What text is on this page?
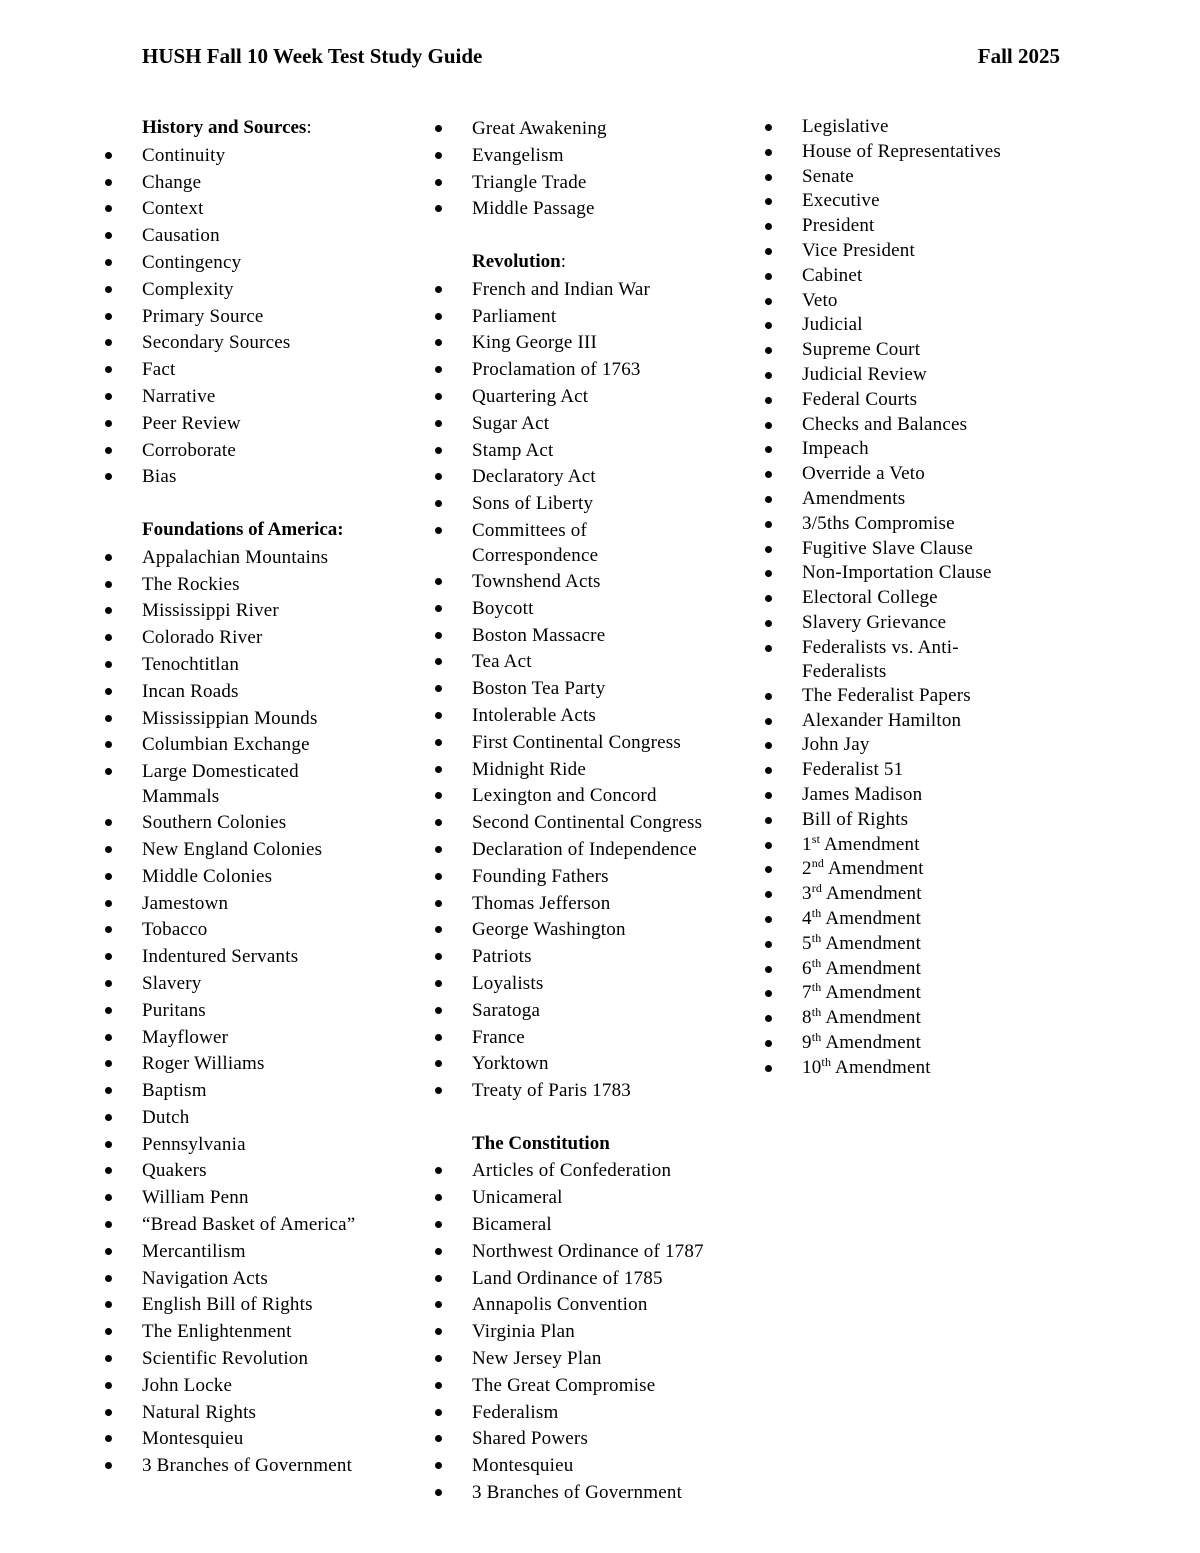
HUSH Fall 10 Week Test Study Guide	Fall 2025
History and Sources:
Continuity
Change
Context
Causation
Contingency
Complexity
Primary Source
Secondary Sources
Fact
Narrative
Peer Review
Corroborate
Bias
Foundations of America:
Appalachian Mountains
The Rockies
Mississippi River
Colorado River
Tenochtitlan
Incan Roads
Mississippian Mounds
Columbian Exchange
Large Domesticated Mammals
Southern Colonies
New England Colonies
Middle Colonies
Jamestown
Tobacco
Indentured Servants
Slavery
Puritans
Mayflower
Roger Williams
Baptism
Dutch
Pennsylvania
Quakers
William Penn
“Bread Basket of America”
Mercantilism
Navigation Acts
English Bill of Rights
The Enlightenment
Scientific Revolution
John Locke
Natural Rights
Montesquieu
3 Branches of Government
Great Awakening
Evangelism
Triangle Trade
Middle Passage
Revolution:
French and Indian War
Parliament
King George III
Proclamation of 1763
Quartering Act
Sugar Act
Stamp Act
Declaratory Act
Sons of Liberty
Committees of Correspondence
Townshend Acts
Boycott
Boston Massacre
Tea Act
Boston Tea Party
Intolerable Acts
First Continental Congress
Midnight Ride
Lexington and Concord
Second Continental Congress
Declaration of Independence
Founding Fathers
Thomas Jefferson
George Washington
Patriots
Loyalists
Saratoga
France
Yorktown
Treaty of Paris 1783
The Constitution
Articles of Confederation
Unicameral
Bicameral
Northwest Ordinance of 1787
Land Ordinance of 1785
Annapolis Convention
Virginia Plan
New Jersey Plan
The Great Compromise
Federalism
Shared Powers
Montesquieu
3 Branches of Government
Legislative
House of Representatives
Senate
Executive
President
Vice President
Cabinet
Veto
Judicial
Supreme Court
Judicial Review
Federal Courts
Checks and Balances
Impeach
Override a Veto
Amendments
3/5ths Compromise
Fugitive Slave Clause
Non-Importation Clause
Electoral College
Slavery Grievance
Federalists vs. Anti-Federalists
The Federalist Papers
Alexander Hamilton
John Jay
Federalist 51
James Madison
Bill of Rights
1st Amendment
2nd Amendment
3rd Amendment
4th Amendment
5th Amendment
6th Amendment
7th Amendment
8th Amendment
9th Amendment
10th Amendment
